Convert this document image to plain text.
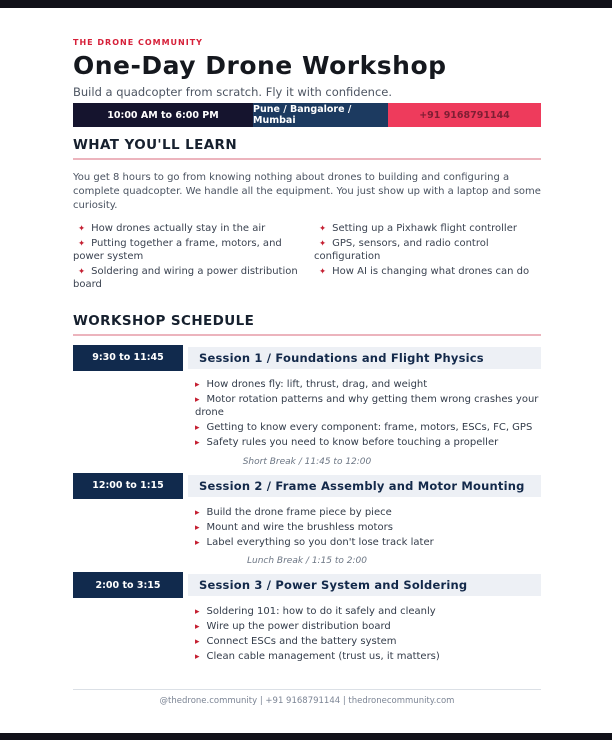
THE DRONE COMMUNITY
One-Day Drone Workshop
Build a quadcopter from scratch. Fly it with confidence.
10:00 AM to 6:00 PM	Pune / Bangalore / Mumbai	+91 9168791144
WHAT YOU'LL LEARN
You get 8 hours to go from knowing nothing about drones to building and configuring a complete quadcopter. We handle all the equipment. You just show up with a laptop and some curiosity.
✦ How drones actually stay in the air
✦ Putting together a frame, motors, and power system
✦ Soldering and wiring a power distribution board
✦ Setting up a Pixhawk flight controller
✦ GPS, sensors, and radio control configuration
✦ How AI is changing what drones can do
WORKSHOP SCHEDULE
9:30 to 11:45	Session 1 / Foundations and Flight Physics
▸ How drones fly: lift, thrust, drag, and weight
▸ Motor rotation patterns and why getting them wrong crashes your drone
▸ Getting to know every component: frame, motors, ESCs, FC, GPS
▸ Safety rules you need to know before touching a propeller
Short Break / 11:45 to 12:00
12:00 to 1:15	Session 2 / Frame Assembly and Motor Mounting
▸ Build the drone frame piece by piece
▸ Mount and wire the brushless motors
▸ Label everything so you don't lose track later
Lunch Break / 1:15 to 2:00
2:00 to 3:15	Session 3 / Power System and Soldering
▸ Soldering 101: how to do it safely and cleanly
▸ Wire up the power distribution board
▸ Connect ESCs and the battery system
▸ Clean cable management (trust us, it matters)
@thedrone.community | +91 9168791144 | thedronecommunity.com
